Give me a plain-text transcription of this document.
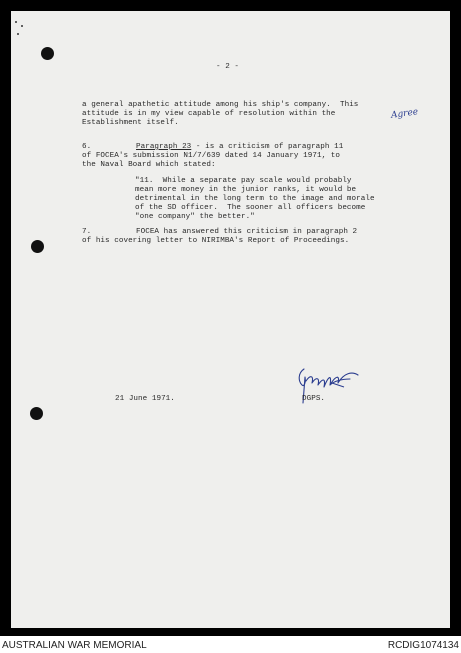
- 2 -
a general apathetic attitude among his ship's company.  This
attitude is in my view capable of resolution within the
Establishment itself.
Agree
6.	Paragraph 23 - is a criticism of paragraph 11
of FOCEA's submission N1/7/639 dated 14 January 1971, to
the Naval Board which stated:
"11.  While a separate pay scale would probably
mean more money in the junior ranks, it would be
detrimental in the long term to the image and morale
of the SD officer.  The sooner all officers become
"one company" the better."
7.	FOCEA has answered this criticism in paragraph 2
of his covering letter to NIRIMBA's Report of Proceedings.
21 June 1971.	DGPS.
AUSTRALIAN WAR MEMORIAL	RCDIG1074134
